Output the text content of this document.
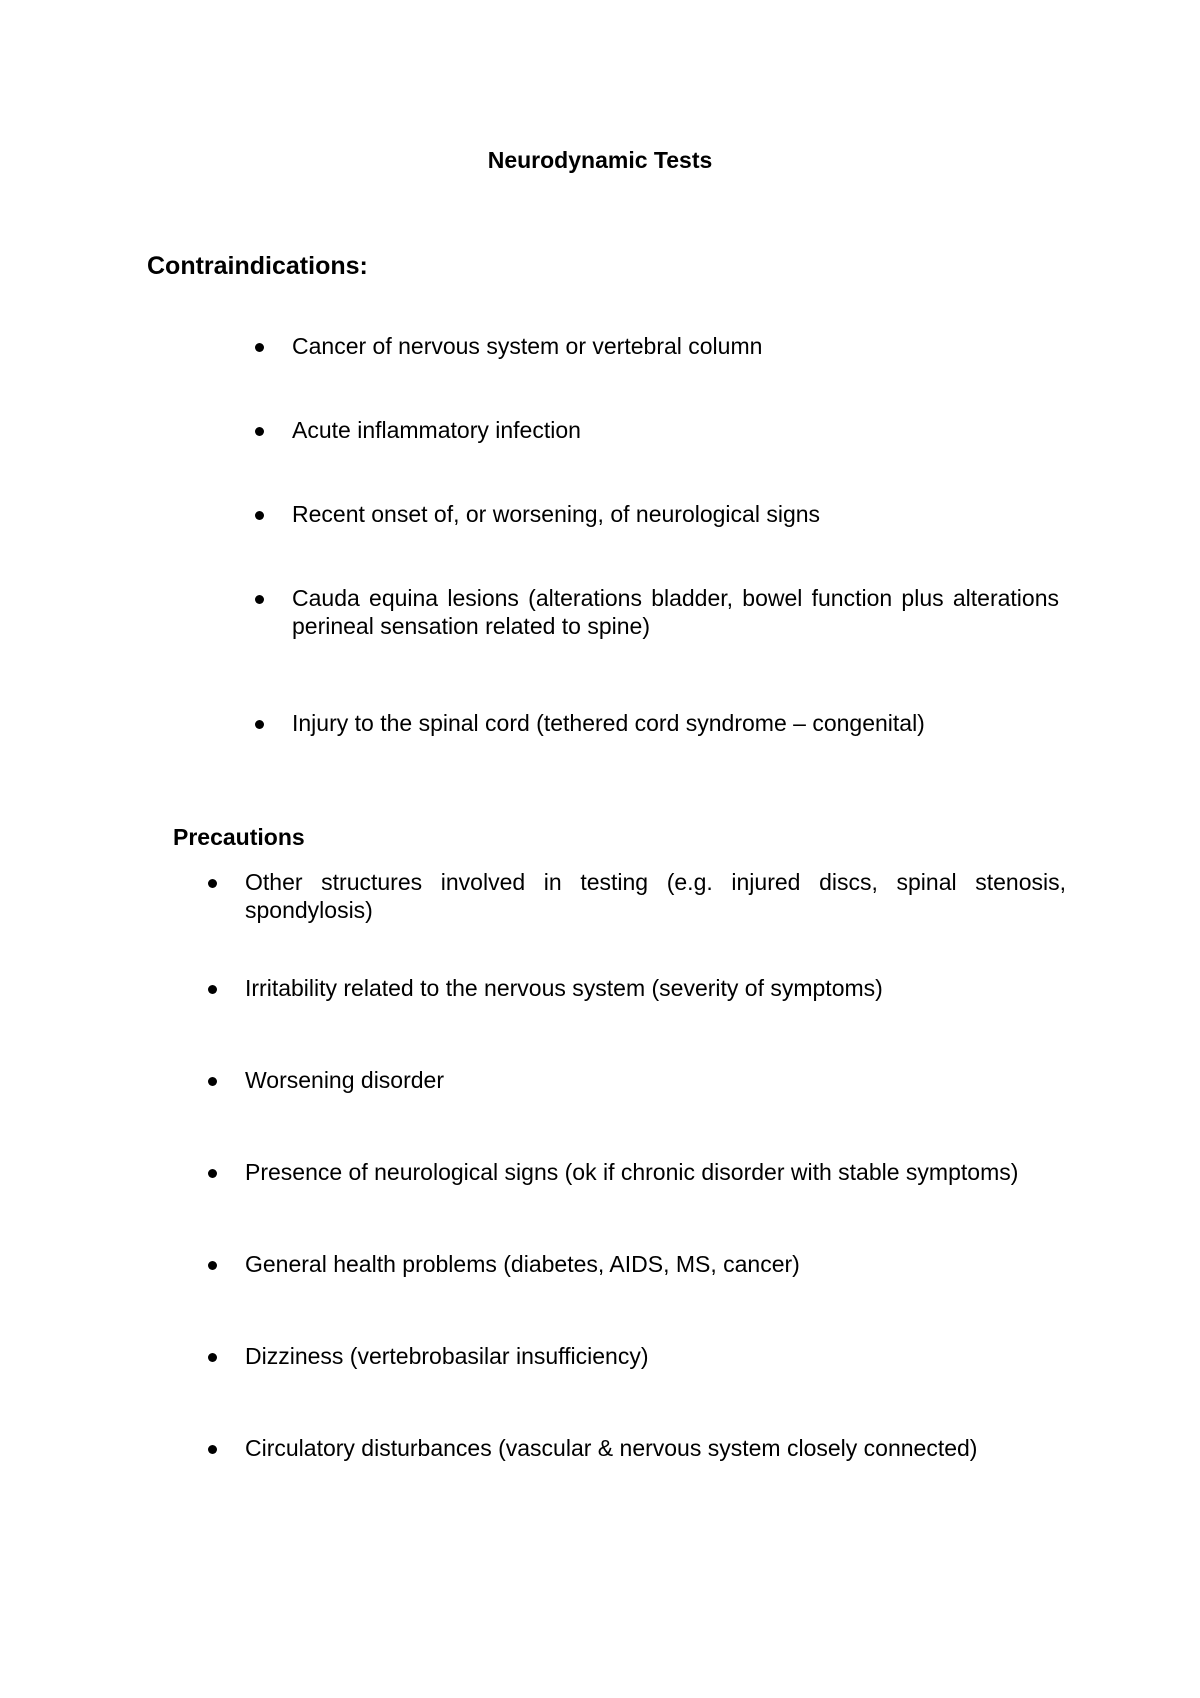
Neurodynamic Tests
Contraindications:
Cancer of nervous system or vertebral column
Acute inflammatory infection
Recent onset of, or worsening, of neurological signs
Cauda equina lesions (alterations bladder, bowel function plus alterations perineal sensation related to spine)
Injury to the spinal cord (tethered cord syndrome – congenital)
Precautions
Other structures involved in testing (e.g. injured discs, spinal stenosis, spondylosis)
Irritability related to the nervous system (severity of symptoms)
Worsening disorder
Presence of neurological signs (ok if chronic disorder with stable symptoms)
General health problems (diabetes, AIDS, MS, cancer)
Dizziness (vertebrobasilar insufficiency)
Circulatory disturbances (vascular & nervous system closely connected)
